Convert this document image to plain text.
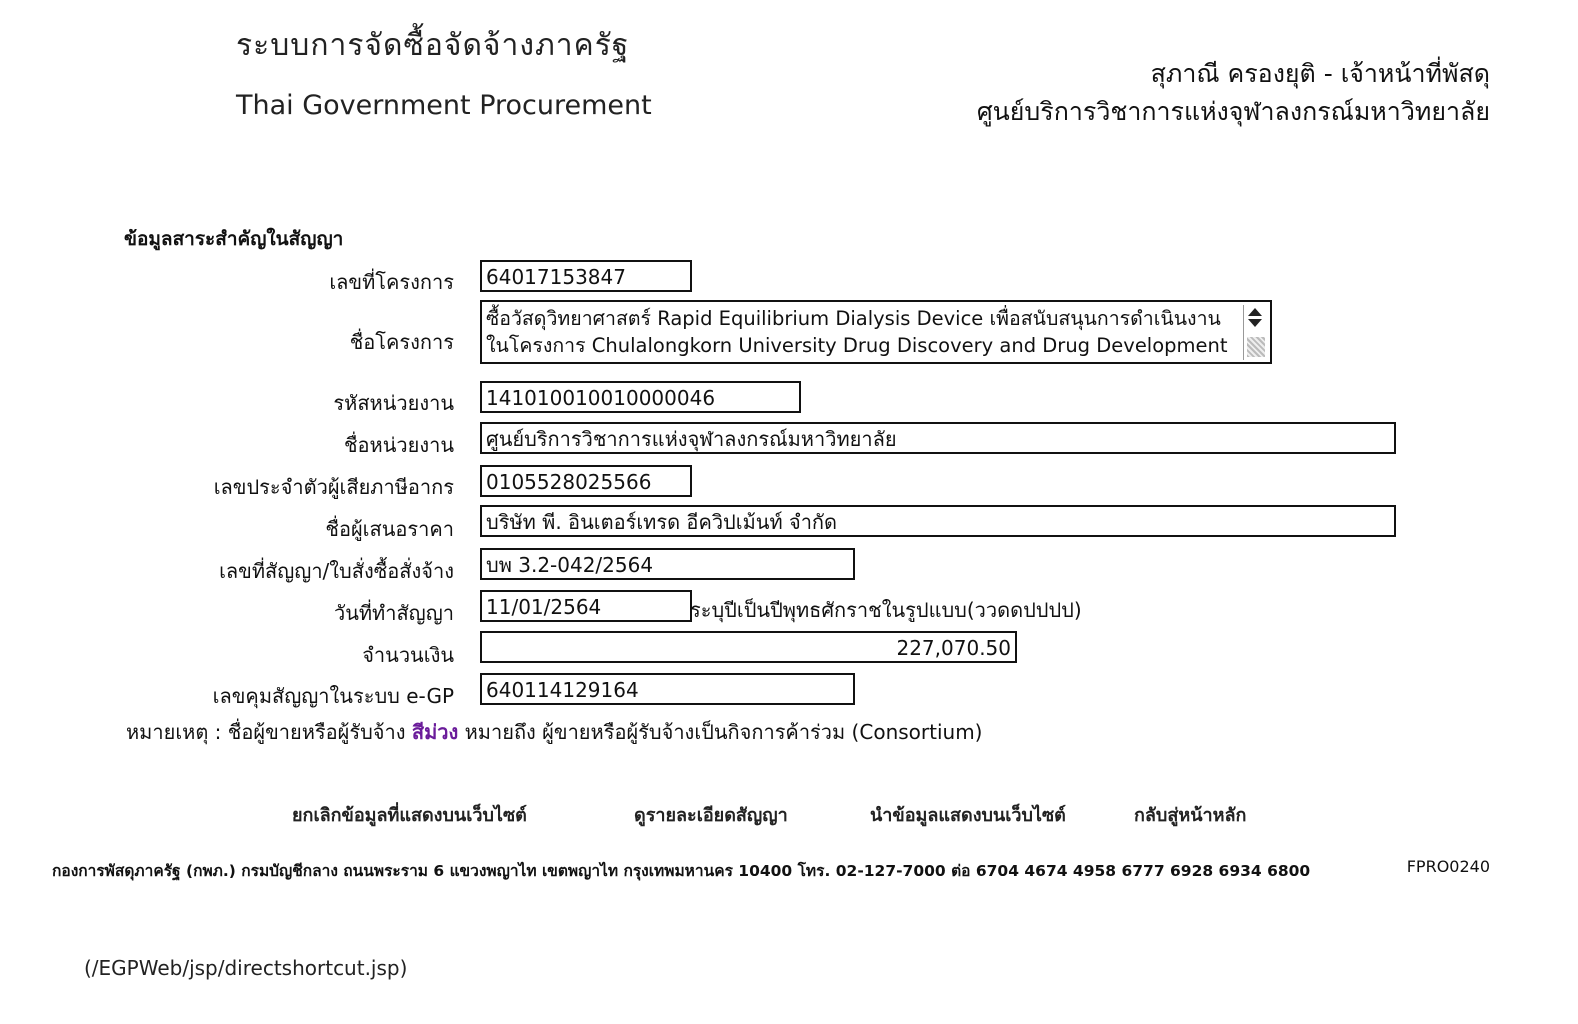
ระบบการจัดซื้อจัดจ้างภาครัฐ
Thai Government Procurement
สุภาณี ครองยุติ - เจ้าหน้าที่พัสดุ
ศูนย์บริการวิชาการแห่งจุฬาลงกรณ์มหาวิทยาลัย
ข้อมูลสาระสำคัญในสัญญา
เลขที่โครงการ	64017153847
ชื่อโครงการ
ซื้อวัสดุวิทยาศาสตร์ Rapid Equilibrium Dialysis Device เพื่อสนับสนุนการดำเนินงาน
ในโครงการ Chulalongkorn University Drug Discovery and Drug Development
รหัสหน่วยงาน	141010010010000046
ชื่อหน่วยงาน	ศูนย์บริการวิชาการแห่งจุฬาลงกรณ์มหาวิทยาลัย
เลขประจำตัวผู้เสียภาษีอากร	0105528025566
ชื่อผู้เสนอราคา	บริษัท พี. อินเตอร์เทรด อีควิปเม้นท์ จำกัด
เลขที่สัญญา/ใบสั่งซื้อสั่งจ้าง	บพ 3.2-042/2564
วันที่ทำสัญญา	11/01/2564	ระบุปีเป็นปีพุทธศักราชในรูปแบบ(ววดดปปปป)
จำนวนเงิน	227,070.50
เลขคุมสัญญาในระบบ e-GP	640114129164
หมายเหตุ : ชื่อผู้ขายหรือผู้รับจ้าง สีม่วง หมายถึง ผู้ขายหรือผู้รับจ้างเป็นกิจการค้าร่วม (Consortium)
ยกเลิกข้อมูลที่แสดงบนเว็บไซต์	ดูรายละเอียดสัญญา	นำข้อมูลแสดงบนเว็บไซต์	กลับสู่หน้าหลัก
กองการพัสดุภาครัฐ (กพภ.) กรมบัญชีกลาง ถนนพระราม 6 แขวงพญาไท เขตพญาไท กรุงเทพมหานคร 10400 โทร. 02-127-7000 ต่อ 6704 4674 4958 6777 6928 6934 6800	FPRO0240
(/EGPWeb/jsp/directshortcut.jsp)
